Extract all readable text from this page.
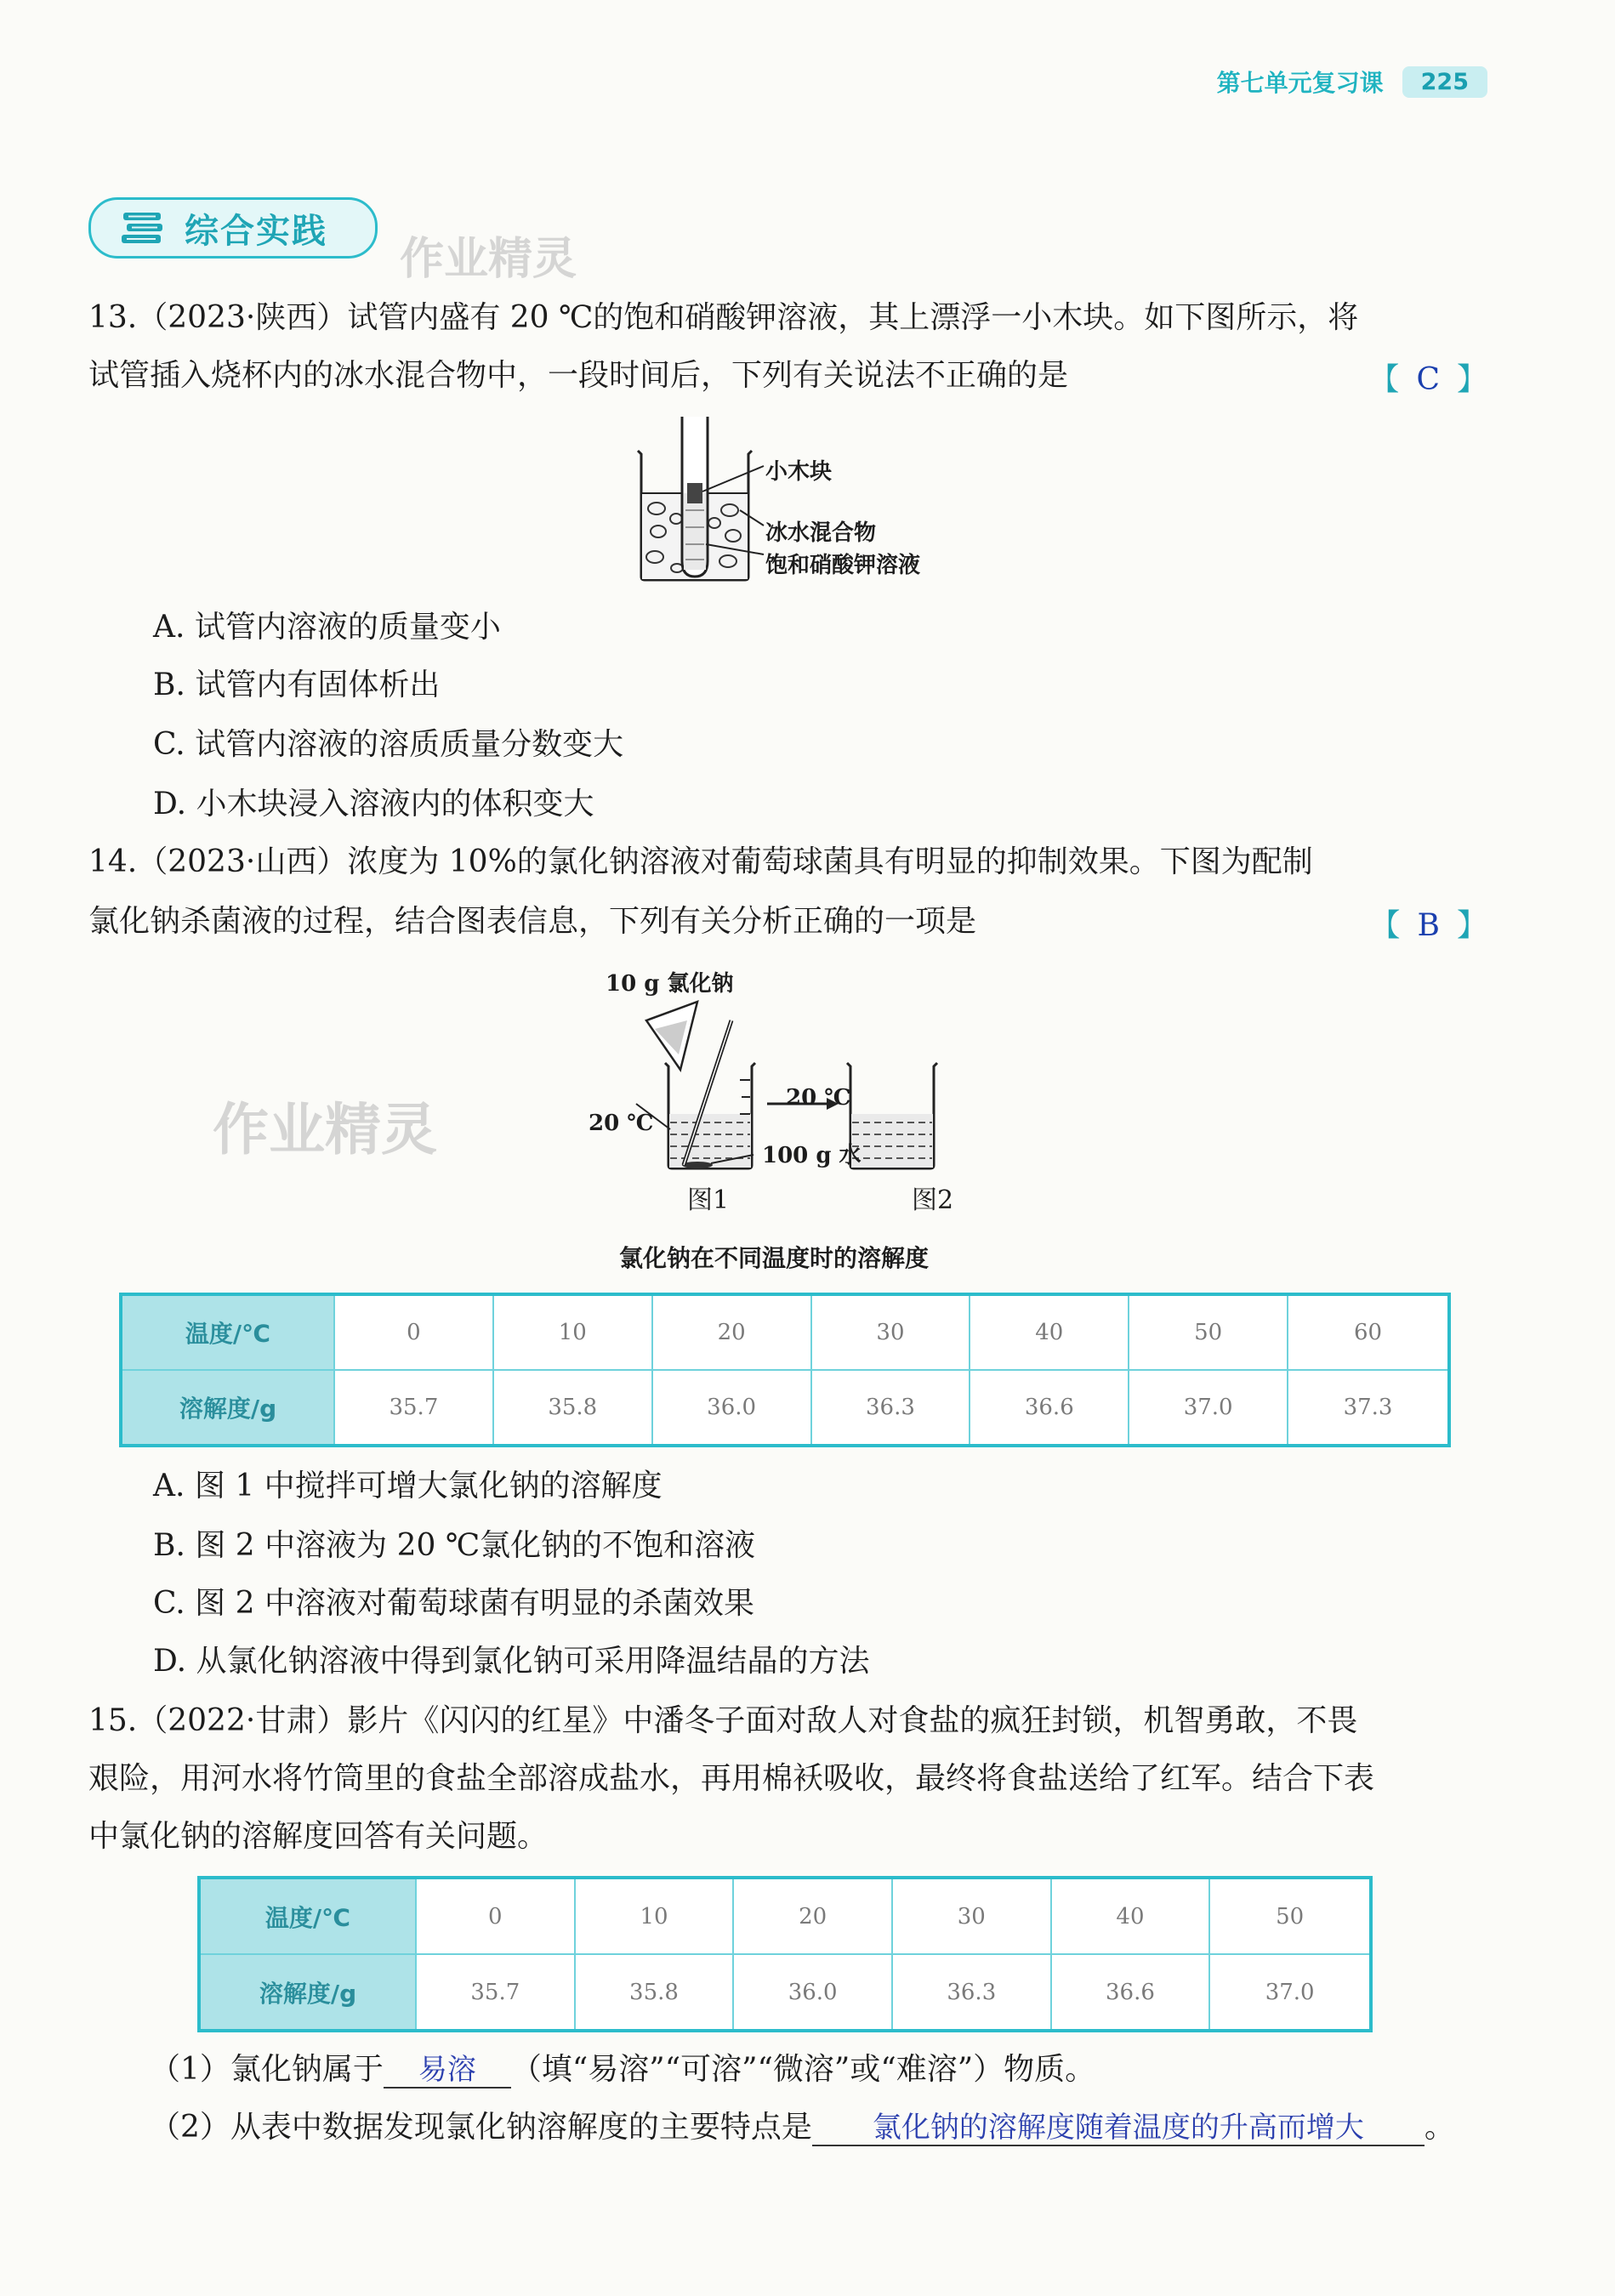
第七单元复习课	225
综合实践
作业精灵
13.（2023·陕西）试管内盛有 20 ℃的饱和硝酸钾溶液，其上漂浮一小木块。如下图所示，将
试管插入烧杯内的冰水混合物中，一段时间后，下列有关说法不正确的是	【 C 】
小木块
冰水混合物
饱和硝酸钾溶液
A. 试管内溶液的质量变小
B. 试管内有固体析出
C. 试管内溶液的溶质质量分数变大
D. 小木块浸入溶液内的体积变大
14.（2023·山西）浓度为 10%的氯化钠溶液对葡萄球菌具有明显的抑制效果。下图为配制
氯化钠杀菌液的过程，结合图表信息，下列有关分析正确的一项是	【 B 】
作业精灵
10 g 氯化钠
20 ℃
20 ℃
100 g 水
图1	图2
氯化钠在不同温度时的溶解度
温度/℃	0	10	20	30	40	50	60
溶解度/g	35.7	35.8	36.0	36.3	36.6	37.0	37.3
A. 图 1 中搅拌可增大氯化钠的溶解度
B. 图 2 中溶液为 20 ℃氯化钠的不饱和溶液
C. 图 2 中溶液对葡萄球菌有明显的杀菌效果
D. 从氯化钠溶液中得到氯化钠可采用降温结晶的方法
15.（2022·甘肃）影片《闪闪的红星》中潘冬子面对敌人对食盐的疯狂封锁，机智勇敢，不畏
艰险，用河水将竹筒里的食盐全部溶成盐水，再用棉袄吸收，最终将食盐送给了红军。结合下表
中氯化钠的溶解度回答有关问题。
温度/℃	0	10	20	30	40	50
溶解度/g	35.7	35.8	36.0	36.3	36.6	37.0
（1）氯化钠属于 易溶 （填“易溶”“可溶”“微溶”或“难溶”）物质。
（2）从表中数据发现氯化钠溶解度的主要特点是 氯化钠的溶解度随着温度的升高而增大 。
